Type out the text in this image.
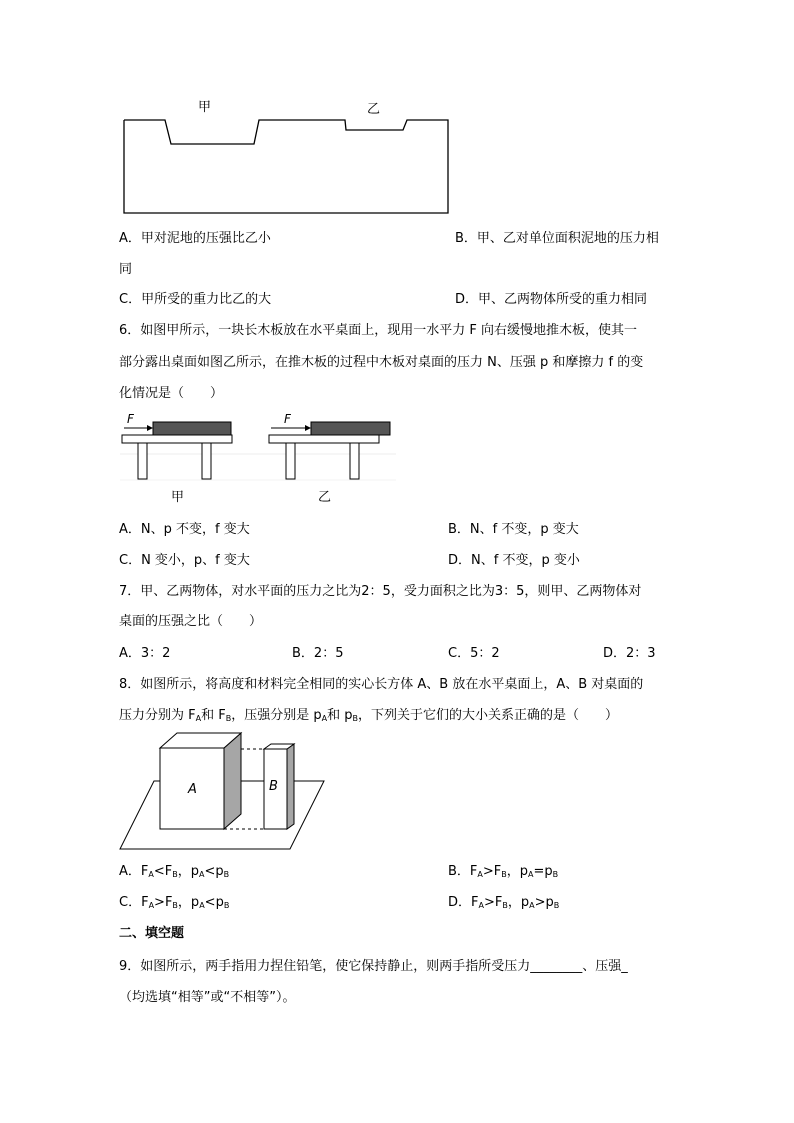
甲	乙
A．甲对泥地的压强比乙小	B．甲、乙对单位面积泥地的压力相
同
C．甲所受的重力比乙的大	D．甲、乙两物体所受的重力相同
6．如图甲所示，一块长木板放在水平桌面上，现用一水平力 F 向右缓慢地推木板，使其一
部分露出桌面如图乙所示，在推木板的过程中木板对桌面的压力 N、压强 p 和摩擦力 f 的变
化情况是（　　）
F
甲
F
乙
A．N、p 不变，f 变大	B．N、f 不变，p 变大
C．N 变小，p、f 变大	D．N、f 不变，p 变小
7．甲、乙两物体，对水平面的压力之比为2：5，受力面积之比为3：5，则甲、乙两物体对
桌面的压强之比（　　）
A．3：2	B．2：5	C．5：2	D．2：3
8．如图所示，将高度和材料完全相同的实心长方体 A、B 放在水平桌面上，A、B 对桌面的
压力分别为 $F_A$和 $F_B$，压强分别是 $p_A$和 $p_B$，下列关于它们的大小关系正确的是（　　）
A	B
A．$F_A<F_B$，$p_A<p_B$	B．$F_A>F_B$，$p_A=p_B$
C．$F_A>F_B$，$p_A<p_B$	D．$F_A>F_B$，$p_A>p_B$
二、填空题
9．如图所示，两手指用力捏住铅笔，使它保持静止，则两手指所受压力________、压强_
（均选填“相等”或“不相等”）。
